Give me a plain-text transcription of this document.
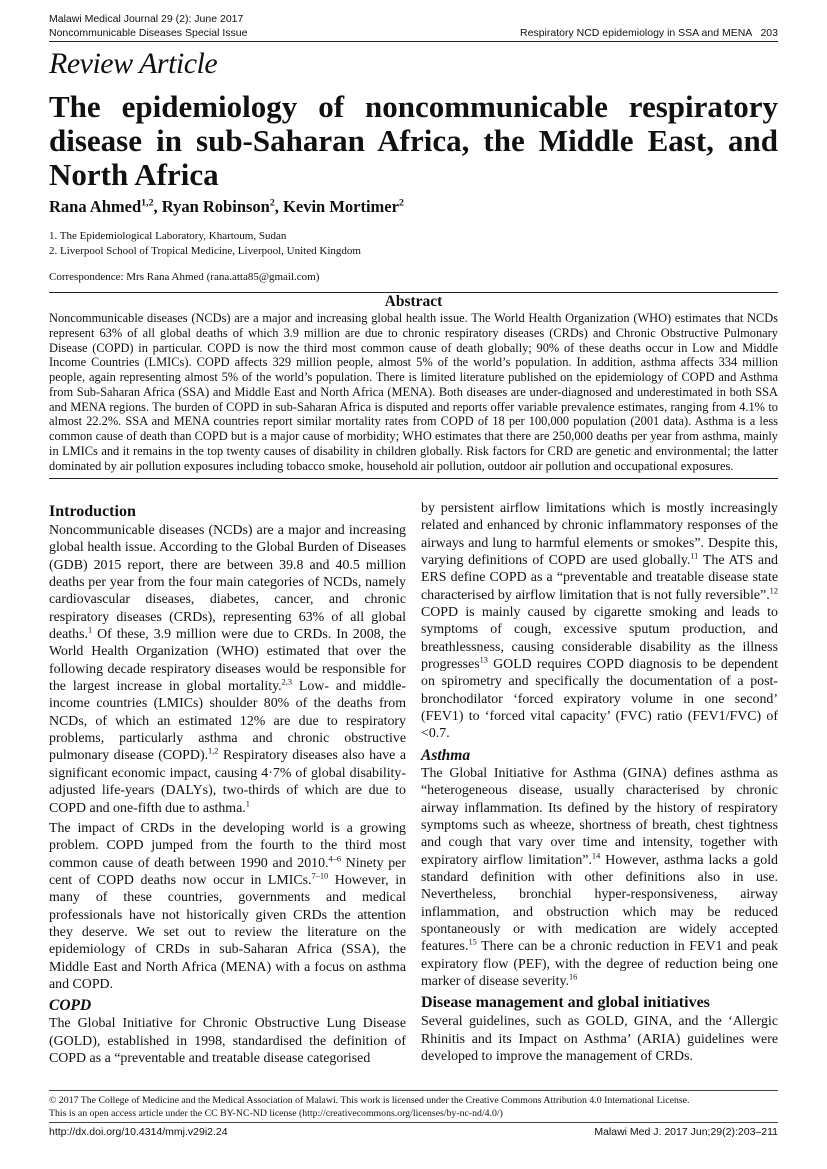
Malawi Medical Journal 29 (2): June 2017
Noncommunicable Diseases Special Issue	Respiratory NCD epidemiology in SSA and MENA   203
Review Article
The epidemiology of noncommunicable respiratory disease in sub-Saharan Africa, the Middle East, and North Africa
Rana Ahmed$^{1,2}$, Ryan Robinson$^2$, Kevin Mortimer$^2$
1. The Epidemiological Laboratory, Khartoum, Sudan
2. Liverpool School of Tropical Medicine, Liverpool, United Kingdom
Correspondence: Mrs Rana Ahmed (rana.atta85@gmail.com)
Abstract

Noncommunicable diseases (NCDs) are a major and increasing global health issue. The World Health Organization (WHO) estimates that NCDs represent 63% of all global deaths of which 3.9 million are due to chronic respiratory diseases (CRDs) and Chronic Obstructive Pulmonary Disease (COPD) in particular. COPD is now the third most common cause of death globally; 90% of these deaths occur in Low and Middle Income Countries (LMICs). COPD affects 329 million people, almost 5% of the world’s population. In addition, asthma affects 334 million people, again representing almost 5% of the world’s population. There is limited literature published on the epidemiology of COPD and Asthma from Sub-Saharan Africa (SSA) and Middle East and North Africa (MENA). Both diseases are under-diagnosed and underestimated in both SSA and MENA regions. The burden of COPD in sub-Saharan Africa is disputed and reports offer variable prevalence estimates, ranging from 4.1% to almost 22.2%. SSA and MENA countries report similar mortality rates from COPD of 18 per 100,000 population (2001 data). Asthma is a less common cause of death than COPD but is a major cause of morbidity; WHO estimates that there are 250,000 deaths per year from asthma, mainly in LMICs and it remains in the top twenty causes of disability in children globally. Risk factors for CRD are genetic and environmental; the latter dominated by air pollution exposures including tobacco smoke, household air pollution, outdoor air pollution and occupational exposures.

Introduction

Noncommunicable diseases (NCDs) are a major and increasing global health issue. According to the Global Burden of Diseases (GDB) 2015 report, there are between 39.8 and 40.5 million deaths per year from the four main categories of NCDs, namely cardiovascular diseases, diabetes, cancer, and chronic respiratory diseases (CRDs), representing 63% of all global deaths.$^1$ Of these, 3.9 million were due to CRDs. In 2008, the World Health Organization (WHO) estimated that over the following decade respiratory diseases would be responsible for the largest increase in global mortality.$^{2,3}$ Low- and middle-income countries (LMICs) shoulder 80% of the deaths from NCDs, of which an estimated 12% are due to respiratory problems, particularly asthma and chronic obstructive pulmonary disease (COPD).$^{1,2}$ Respiratory diseases also have a significant economic impact, causing 4·7% of global disability-adjusted life-years (DALYs), two-thirds of which are due to COPD and one-fifth due to asthma.$^1$

The impact of CRDs in the developing world is a growing problem. COPD jumped from the fourth to the third most common cause of death between 1990 and 2010.$^{4-6}$ Ninety per cent of COPD deaths now occur in LMICs.$^{7-10}$ However, in many of these countries, governments and medical professionals have not historically given CRDs the attention they deserve. We set out to review the literature on the epidemiology of CRDs in sub-Saharan Africa (SSA), the Middle East and North Africa (MENA) with a focus on asthma and COPD.

COPD

The Global Initiative for Chronic Obstructive Lung Disease (GOLD), established in 1998, standardised the definition of COPD as a “preventable and treatable disease categorised

by persistent airflow limitations which is mostly increasingly related and enhanced by chronic inflammatory responses of the airways and lung to harmful elements or smokes”. Despite this, varying definitions of COPD are used globally.$^{11}$ The ATS and ERS define COPD as a “preventable and treatable disease state characterised by airflow limitation that is not fully reversible”.$^{12}$ COPD is mainly caused by cigarette smoking and leads to symptoms of cough, excessive sputum production, and breathlessness, causing considerable disability as the illness progresses$^{13}$ GOLD requires COPD diagnosis to be dependent on spirometry and specifically the documentation of a post-bronchodilator ‘forced expiratory volume in one second’ (FEV1) to ‘forced vital capacity’ (FVC) ratio (FEV1/FVC) of <0.7.

Asthma

The Global Initiative for Asthma (GINA) defines asthma as “heterogeneous disease, usually characterised by chronic airway inflammation. Its defined by the history of respiratory symptoms such as wheeze, shortness of breath, chest tightness and cough that vary over time and intensity, together with expiratory airflow limitation”.$^{14}$ However, asthma lacks a gold standard definition with other definitions also in use. Nevertheless, bronchial hyper-responsiveness, airway inflammation, and obstruction which may be reduced spontaneously or with medication are widely accepted features.$^{15}$ There can be a chronic reduction in FEV1 and peak expiratory flow (PEF), with the degree of reduction being one marker of disease severity.$^{16}$

Disease management and global initiatives

Several guidelines, such as GOLD, GINA, and the ‘Allergic Rhinitis and its Impact on Asthma’ (ARIA) guidelines were developed to improve the management of CRDs.

© 2017 The College of Medicine and the Medical Association of Malawi. This work is licensed under the Creative Commons Attribution 4.0 International License.
This is an open access article under the CC BY-NC-ND license (http://creativecommons.org/licenses/by-nc-nd/4.0/)
http://dx.doi.org/10.4314/mmj.v29i2.24	Malawi Med J. 2017 Jun;29(2):203–211
